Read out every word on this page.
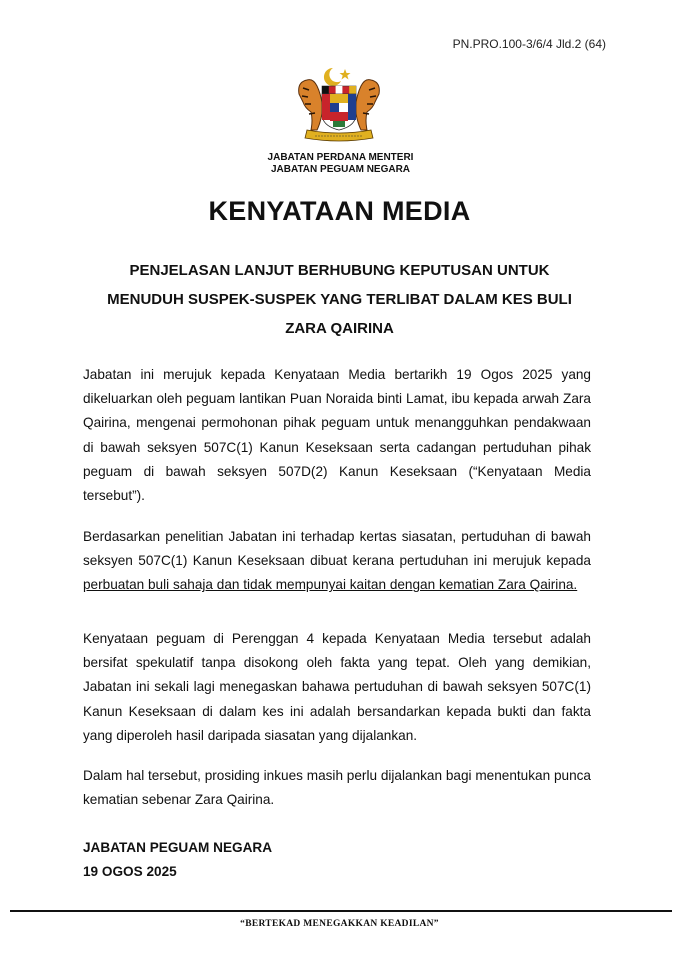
PN.PRO.100-3/6/4 Jld.2 (64)
JABATAN PERDANA MENTERI
JABATAN PEGUAM NEGARA
KENYATAAN MEDIA
PENJELASAN LANJUT BERHUBUNG KEPUTUSAN UNTUK
MENUDUH SUSPEK-SUSPEK YANG TERLIBAT DALAM KES BULI
ZARA QAIRINA
Jabatan ini merujuk kepada Kenyataan Media bertarikh 19 Ogos 2025 yang dikeluarkan oleh peguam lantikan Puan Noraida binti Lamat, ibu kepada arwah Zara Qairina, mengenai permohonan pihak peguam untuk menangguhkan pendakwaan di bawah seksyen 507C(1) Kanun Keseksaan serta cadangan pertuduhan pihak peguam di bawah seksyen 507D(2) Kanun Keseksaan (“Kenyataan Media tersebut”).
Berdasarkan penelitian Jabatan ini terhadap kertas siasatan, pertuduhan di bawah seksyen 507C(1) Kanun Keseksaan dibuat kerana pertuduhan ini merujuk kepada perbuatan buli sahaja dan tidak mempunyai kaitan dengan kematian Zara Qairina.
Kenyataan peguam di Perenggan 4 kepada Kenyataan Media tersebut adalah bersifat spekulatif tanpa disokong oleh fakta yang tepat. Oleh yang demikian, Jabatan ini sekali lagi menegaskan bahawa pertuduhan di bawah seksyen 507C(1) Kanun Keseksaan di dalam kes ini adalah bersandarkan kepada bukti dan fakta yang diperoleh hasil daripada siasatan yang dijalankan.
Dalam hal tersebut, prosiding inkues masih perlu dijalankan bagi menentukan punca kematian sebenar Zara Qairina.
JABATAN PEGUAM NEGARA
19 OGOS 2025
“BERTEKAD MENEGAKKAN KEADILAN”
